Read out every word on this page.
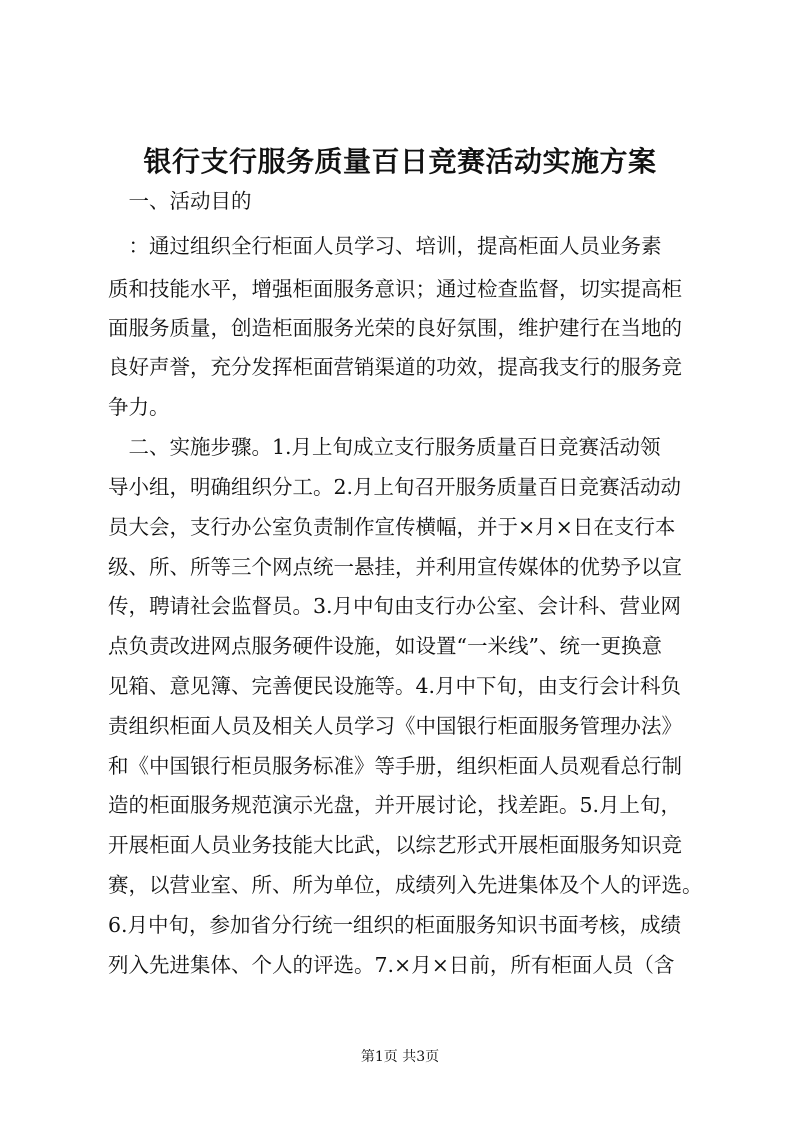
银行支行服务质量百日竞赛活动实施方案
　一、活动目的
　：通过组织全行柜面人员学习、培训，提高柜面人员业务素
质和技能水平，增强柜面服务意识；通过检查监督，切实提高柜
面服务质量，创造柜面服务光荣的良好氛围，维护建行在当地的
良好声誉，充分发挥柜面营销渠道的功效，提高我支行的服务竞
争力。
　二、实施步骤。1.月上旬成立支行服务质量百日竞赛活动领
导小组，明确组织分工。2.月上旬召开服务质量百日竞赛活动动
员大会，支行办公室负责制作宣传横幅，并于×月×日在支行本
级、所、所等三个网点统一悬挂，并利用宣传媒体的优势予以宣
传，聘请社会监督员。3.月中旬由支行办公室、会计科、营业网
点负责改进网点服务硬件设施，如设置“一米线”、统一更换意
见箱、意见簿、完善便民设施等。4.月中下旬，由支行会计科负
责组织柜面人员及相关人员学习《中国银行柜面服务管理办法》
和《中国银行柜员服务标准》等手册，组织柜面人员观看总行制
造的柜面服务规范演示光盘，并开展讨论，找差距。5.月上旬，
开展柜面人员业务技能大比武，以综艺形式开展柜面服务知识竞
赛，以营业室、所、所为单位，成绩列入先进集体及个人的评选。
6.月中旬，参加省分行统一组织的柜面服务知识书面考核，成绩
列入先进集体、个人的评选。7.×月×日前，所有柜面人员（含
第1页 共3页
